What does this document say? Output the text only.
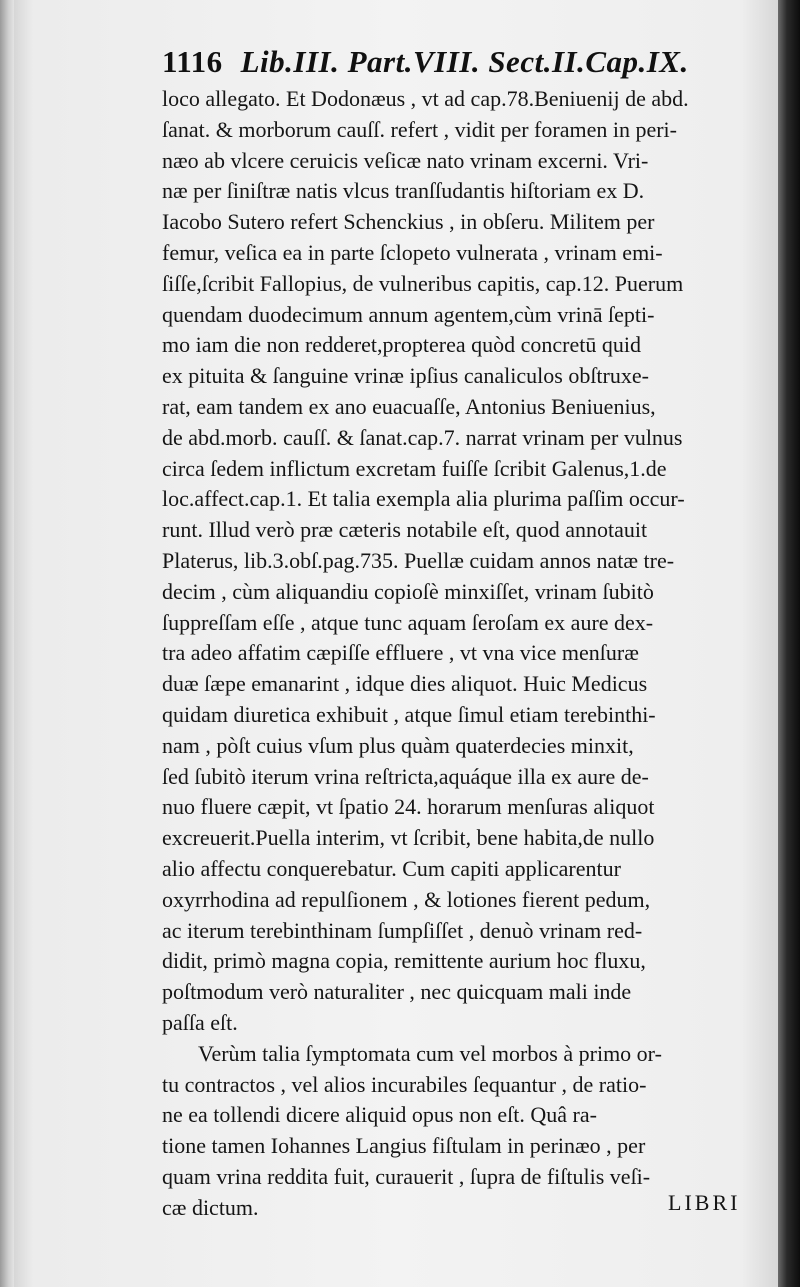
1116 Lib.III. Part.VIII. Sect.II.Cap.IX.
loco allegato. Et Dodonæus , vt ad cap.78.Beniuenij de abd.
ſanat. & morborum cauſſ. refert , vidit per foramen in peri-
næo ab vlcere ceruicis veſicæ nato vrinam excerni. Vri-
næ per ſiniſtræ natis vlcus tranſſudantis hiſtoriam ex D.
Iacobo Sutero refert Schenckius , in obſeru. Militem per
femur, veſica ea in parte ſclopeto vulnerata , vrinam emi-
ſiſſe,ſcribit Fallopius, de vulneribus capitis, cap.12. Puerum
quendam duodecimum annum agentem,cùm vrinā ſepti-
mo iam die non redderet,propterea quòd concretū quid
ex pituita & ſanguine vrinæ ipſius canaliculos obſtruxe-
rat, eam tandem ex ano euacuaſſe, Antonius Beniuenius,
de abd.morb. cauſſ. & ſanat.cap.7. narrat vrinam per vulnus
circa ſedem inflictum excretam fuiſſe ſcribit Galenus,1.de
loc.affect.cap.1. Et talia exempla alia plurima paſſim occur-
runt. Illud verò præ cæteris notabile eſt, quod annotauit
Platerus, lib.3.obſ.pag.735. Puellæ cuidam annos natæ tre-
decim , cùm aliquandiu copioſè minxiſſet, vrinam ſubitò
ſuppreſſam eſſe , atque tunc aquam ſeroſam ex aure dex-
tra adeo affatim cæpiſſe effluere , vt vna vice menſuræ
duæ ſæpe emanarint , idque dies aliquot. Huic Medicus
quidam diuretica exhibuit , atque ſimul etiam terebinthi-
nam , pòſt cuius vſum plus quàm quaterdecies minxit,
ſed ſubitò iterum vrina reſtricta,aquáque illa ex aure de-
nuo fluere cæpit, vt ſpatio 24. horarum menſuras aliquot
excreuerit.Puella interim, vt ſcribit, bene habita,de nullo
alio affectu conquerebatur. Cum capiti applicarentur
oxyrrhodina ad repulſionem , & lotiones fierent pedum,
ac iterum terebinthinam ſumpſiſſet , denuò vrinam red-
didit, primò magna copia, remittente aurium hoc fluxu,
poſtmodum verò naturaliter , nec quicquam mali inde
paſſa eſt.
Verùm talia ſymptomata cum vel morbos à primo or-
tu contractos , vel alios incurabiles ſequantur , de ratio-
ne ea tollendi dicere aliquid opus non eſt. Quâ ra-
tione tamen Iohannes Langius fiſtulam in perinæo , per
quam vrina reddita fuit, curauerit , ſupra de fiſtulis veſi-
cæ dictum.	LIBRI
